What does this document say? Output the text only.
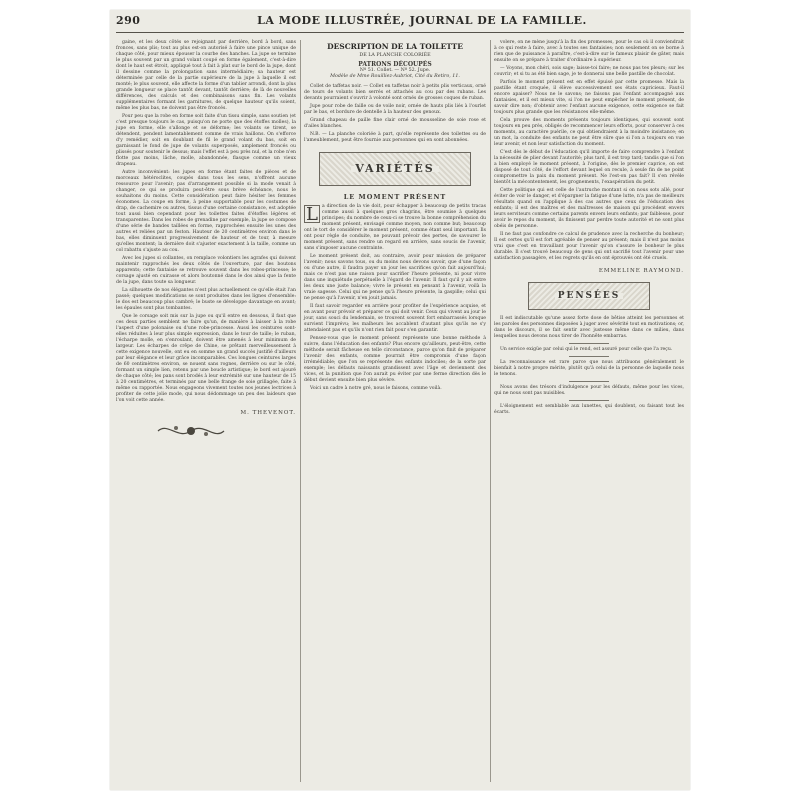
290	LA MODE ILLUSTRÉE, JOURNAL DE LA FAMILLE.

gaine, et les deux côtés se rejoignant par derrière, bord à bord, sans fronces, sans plis; tout au plus est-on autorisé à faire une pince unique de chaque côté, pour mieux épouser la courbe des hanches. La jupe se termine le plus souvent par un grand volant coupé en forme également, c'est-à-dire dont le haut est étroit, appliqué tout à fait à plat sur le bord de la jupe, dont il dessine comme la prolongation sans intermédiaire; sa hauteur est déterminée par celle de la partie supérieure de la jupe à laquelle il est monté; le plus souvent, elle affecte la forme d'un tablier arrondi, dont la plus grande longueur se place tantôt devant, tantôt derrière; de là de nouvelles différences, des calculs et des combinaisons sans fin. Les volants supplémentaires formant les garnitures, de quelque hauteur qu'ils soient, même les plus bas, ne doivent pas être froncés.

Pour peu que la robe en forme soit faite d'un tissu simple, sans soutien (et c'est presque toujours le cas, puisqu'on ne porte que des étoffes molles), la jupe en forme, elle s'allonge et se déforme; les volants se tirent, se détendent, pendent lamentablement comme de vrais haillons. On s'efforce d'y remédier, soit en doublant de fil le grand volant du bas, soit en garnissant le fond de jupe de volants superposés, amplement froncés ou plissés pour soutenir le dessus; mais l'effet est à peu près nul, et la robe n'en flotte pas moins, lâche, molle, abandonnée, flasque comme un vieux drapeau.

Autre inconvénient: les jupes en forme étant faites de pièces et de morceaux hétéroclites, coupés dans tous les sens, n'offrent aucune ressource pour l'avenir; pas d'arrangement possible si la mode venait à changer, ce qui se produira peut-être sous brève échéance, nous le souhaitons du moins. Cette considération peut faire hésiter les femmes économes. La coupe en forme, à peine supportable pour les costumes de drap, de cachemire ou autres, tissus d'une certaine consistance, est adoptée tout aussi bien cependant pour les toilettes faites d'étoffes légères et transparentes. Dans les robes de grenadine par exemple, la jupe se compose d'une série de bandes taillées en forme, rapprochées ensuite les unes des autres et reliées par un feston. Hauteur de 20 centimètres environ dans le bas, elles diminuent progressivement de hauteur et de tour, à mesure qu'elles montent; la dernière doit s'ajuster exactement à la taille, comme un col rabattu s'ajuste au cou.

Avec les jupes si collantes, on remplace volontiers les agrafes qui doivent maintenir rapprochés les deux côtés de l'ouverture, par des boutons apparents; cette fantaisie se retrouve souvent dans les robes-princesse; le corsage ajusté en cuirasse et alors boutonné dans le dos ainsi que la fente de la jupe, dans toute sa longueur.

La silhouette de nos élégantes n'est plus actuellement ce qu'elle était l'an passé; quelques modifications se sont produites dans les lignes d'ensemble: le dos est beaucoup plus cambré; le buste se développe davantage en avant; les épaules sont plus tombantes.

Que le corsage soit mis sur la jupe ou qu'il entre en dessous, il faut que ces deux parties semblent ne faire qu'un, de manière à laisser à la robe l'aspect d'une polonaise ou d'une robe-princesse. Aussi les ceintures sont-elles réduites à leur plus simple expression, dans le tour de taille; le ruban, l'écharpe molle, en s'enroulant, doivent être amenés à leur minimum de largeur. Les écharpes de crêpe de Chine, se prêtant merveilleusement à cette exigence nouvelle, ont eu en somme un grand succès justifié d'ailleurs par leur élégance et leur grâce incomparables. Ces longues ceintures larges de 60 centimètres environ, se nouent sans rognes, derrière ou sur le côté, formant un simple lien, retenu par une boucle artistique; le bord est ajouré de chaque côté; les pans sont brodés à leur extrémité sur une hauteur de 15 à 20 centimètres, et terminés par une belle frange de soie grillagée, faite à même ou rapportée. Nous engageons vivement toutes nos jeunes lectrices à profiter de cette jolie mode, qui nous dédommage un peu des laideurs que l'on voit cette année.

M. THEVENOT.
DESCRIPTION DE LA TOILETTE
DE LA PLANCHE COLORIÉE
PATRONS DÉCOUPÉS
Nº 51. Collet. — Nº 52. Jupe.
Modèle de Mme Rouilliez-Aubriot, Cité du Retiro, 11.

Collet de taffetas noir. — Collet en taffetas noir à petits plis verticaux, orné de tours de volants bien serrés et attachés au cou par des rubans. Les devants pourraient s'ouvrir à volonté sont ornés de grosses coques de ruban.

Jupe pour robe de faille ou de voile noir, ornée de hauts plis liés à l'ourlet par le bas, et bordure de dentelle à la hauteur des genoux.

Grand chapeau de paille fine clair orné de mousseline de soie rose et d'ailes blanches.

N.B. — La planche coloriée à part, qu'elle représente des toilettes ou de l'ameublement, peut être fournie aux personnes qui en sont abonnées.

VARIÉTÉS
LE MOMENT PRÉSENT
L a direction de la vie doit, pour échapper à beaucoup de petits tracas comme aussi à quelques gros chagrins, être soumise à quelques principes; du nombre de ceux-ci se trouve la bonne compréhension du moment présent, envisagé comme moyen, non comme but; beaucoup ont le tort de considérer le moment présent, comme étant seul important. Ils ont pour règle de conduite, ne pouvant prévoir des pertes, de savourer le moment présent, sans rendre un regard en arrière, sans soucis de l'avenir, sans s'imposer aucune contrainte.

Le moment présent doit, au contraire, avoir pour mission de préparer l'avenir; nous savons tous, ou du moins nous devons savoir, que d'une façon ou d'une autre, il faudra payer un jour les sacrifices qu'on fait aujourd'hui; mais ce n'est pas une raison pour sacrifier l'heure présente, ni pour vivre dans une inquiétude perpétuelle à l'égard de l'avenir. Il faut qu'il y ait entre les deux une juste balance; vivre le présent en pensant à l'avenir, voilà la vraie sagesse. Celui qui ne pense qu'à l'heure présente, la gaspille; celui qui ne pense qu'à l'avenir, n'en jouit jamais.

Il faut savoir regarder en arrière pour profiter de l'expérience acquise, et en avant pour prévoir et préparer ce qui doit venir. Ceux qui vivent au jour le jour, sans souci du lendemain, se trouvent souvent fort embarrassés lorsque survient l'imprévu; les malheurs les accablent d'autant plus qu'ils ne s'y attendaient pas et qu'ils n'ont rien fait pour s'en garantir.

Pensez-vous que le moment présent représente une bonne méthode à suivre, dans l'éducation des enfants? Plus encore qu'ailleurs, peut-être, cette méthode serait fâcheuse en telle circonstance, parce qu'on finit de préparer l'avenir des enfants, comme pourrait être compromis d'une façon irrémédiable; que l'on se représente des enfants indociles; de la sorte par exemple; les défauts naissants grandissent avec l'âge et deviennent des vices, et la punition que l'on aurait pu éviter par une ferme direction dès le début devient ensuite bien plus sévère.

Voici un cadre à notre gré, nous le faisons, comme voilà.

volere, on ne mène jusqu'à la fin des promesses, pour le cas où il conviendrait à ce qui reste à faire, avec à toutes ses fantaisies; non seulement on se borne à rien que de puissance à paraître, c'est-à-dire sur le fameux plaisir de gâter, mais ensuite on se prépare à traiter d'ordinaire à supérieur.

— Voyons, mon chéri, sois sage; laisse-toi faire; ne nous pas tes pleurs; sur les couvrir; et si tu as été bien sage, je te donnerai une belle pastille de chocolat.

Parfois le moment présent est en effet épuisé par cette promesse. Mais la pastille étant croquée, il élève successivement ses états capricieux. Faut-il encore apaiser? Nous ne le savons; ne faisons pas l'enfant accompagné aux fantaisies, et il est mieux vite, si l'on ne peut empêcher le moment présent, de savoir dire non; d'obtenir avec l'enfant aucune exigence, cette exigence se fait toujours plus grande que les résistances elle-même.

Cela prouve des moments présents toujours identiques, qui souvent sont toujours en peu près, obligés de recommencer leurs efforts, pour conserver à ces moments, au caractère puérile, ce qui obtiendraient à la moindre insistance; en un mot, la conduite des enfants ne peut être sûre que si l'on a toujours en vue leur avenir, et non leur satisfaction du moment.

C'est dès le début de l'éducation qu'il importe de faire comprendre à l'enfant la nécessité de plier devant l'autorité; plus tard, il est trop tard; tandis que si l'on a bien employé le moment présent, à l'origine, dès le premier caprice, on est disposé de tout côté, de l'effort devant lequel on recule, à seule fin de ne point compromettre la paix du moment présent. Ne l'est-on pas fait? Il s'en révèle bientôt la mécontentement, les grognements, l'exaspération du petit.

Cette politique qui est celle de l'autruche montant si on nous sots allé, pour éviter de voir le danger, et d'épargner la fatigue d'une lutte, n'a pas de meilleurs résultats quand on l'applique à des cas autres que ceux de l'éducation des enfants; il est des maîtres et des maîtresses de maison qui procèdent envers leurs serviteurs comme certains parents envers leurs enfants; par faiblesse, pour avoir le repos du moment, ils finissent par perdre toute autorité et ne sont plus obéis de personne.

Il ne faut pas confondre ce calcul de prudence avec la recherche du bonheur; Il est certes qu'il est fort agréable de penser au présent; mais il n'est pas moins vrai que c'est en travaillant pour l'avenir qu'on s'assure le bonheur le plus durable. Il s'est trouvé beaucoup de gens qui ont sacrifié tout l'avenir pour une satisfaction passagère, et les regrets qu'ils en ont éprouvés ont été cruels.

EMMELINE RAYMOND.
PENSÉES

Il est indiscutable qu'une assez forte dose de bêtise atteint les personnes et les paroles des personnes disposées à juger avec sévérité tout en motivations; or, dans le discours, il se fait sentir avec justesse même dans ce milieu, dans lesquelles nous devons nous tirer de l'honnête embarras.

Un service exigüe par celui qui le rend, est assuré pour celle que l'a reçu.

La reconnaissance est rare parce que nous attribuons généralement le bienfait à notre propre mérite, plutôt qu'à celui de la personne de laquelle nous le tenons.

Nous avons des trésors d'indulgence pour les défauts, même pour les vices, qui ne nous sont pas nuisibles.

L'éloignement est semblable aux lunettes, qui doublent, ou faisant tout les écarts.
